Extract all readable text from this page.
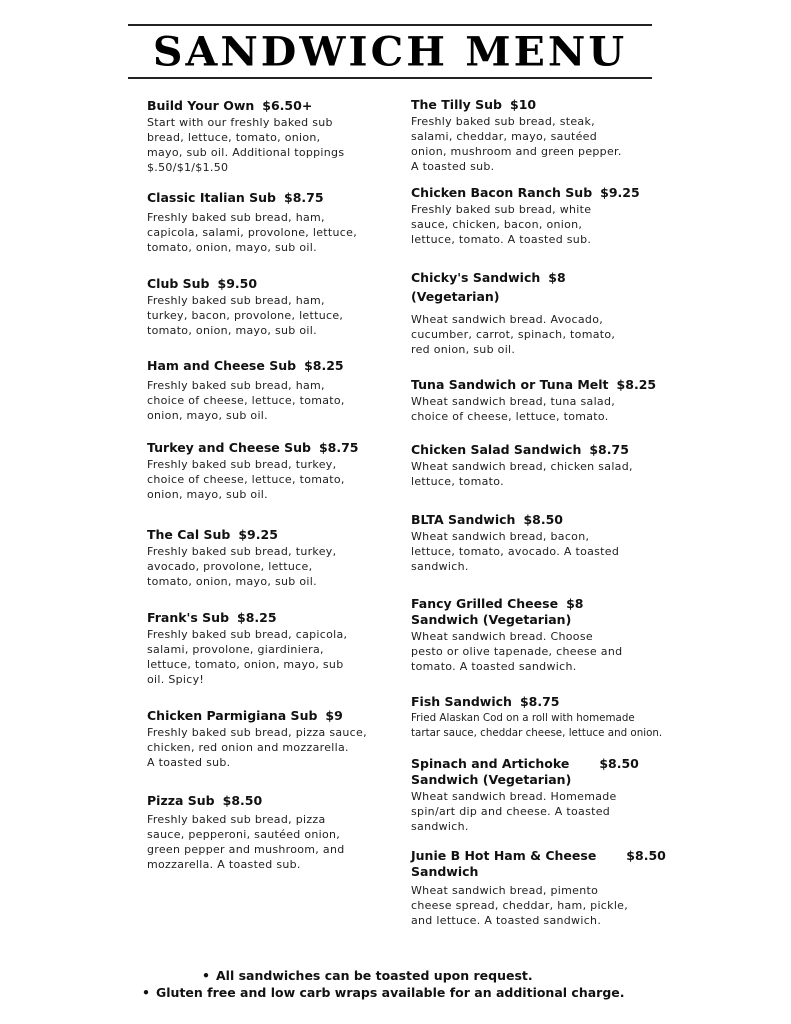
SANDWICH MENU
Build Your Own $6.50+
Start with our freshly baked sub
bread, lettuce, tomato, onion,
mayo, sub oil. Additional toppings
$.50/$1/$1.50
Classic Italian Sub $8.75
Freshly baked sub bread, ham,
capicola, salami, provolone, lettuce,
tomato, onion, mayo, sub oil.
Club Sub $9.50
Freshly baked sub bread, ham,
turkey, bacon, provolone, lettuce,
tomato, onion, mayo, sub oil.
Ham and Cheese Sub $8.25
Freshly baked sub bread, ham,
choice of cheese, lettuce, tomato,
onion, mayo, sub oil.
Turkey and Cheese Sub $8.75
Freshly baked sub bread, turkey,
choice of cheese, lettuce, tomato,
onion, mayo, sub oil.
The Cal Sub $9.25
Freshly baked sub bread, turkey,
avocado, provolone, lettuce,
tomato, onion, mayo, sub oil.
Frank's Sub $8.25
Freshly baked sub bread, capicola,
salami, provolone, giardiniera,
lettuce, tomato, onion, mayo, sub
oil. Spicy!
Chicken Parmigiana Sub $9
Freshly baked sub bread, pizza sauce,
chicken, red onion and mozzarella.
A toasted sub.
Pizza Sub $8.50
Freshly baked sub bread, pizza
sauce, pepperoni, sautéed onion,
green pepper and mushroom, and
mozzarella. A toasted sub.
The Tilly Sub $10
Freshly baked sub bread, steak,
salami, cheddar, mayo, sautéed
onion, mushroom and green pepper.
A toasted sub.
Chicken Bacon Ranch Sub $9.25
Freshly baked sub bread, white
sauce, chicken, bacon, onion,
lettuce, tomato. A toasted sub.
Chicky's Sandwich $8
(Vegetarian)
Wheat sandwich bread. Avocado,
cucumber, carrot, spinach, tomato,
red onion, sub oil.
Tuna Sandwich or Tuna Melt $8.25
Wheat sandwich bread, tuna salad,
choice of cheese, lettuce, tomato.
Chicken Salad Sandwich $8.75
Wheat sandwich bread, chicken salad,
lettuce, tomato.
BLTA Sandwich $8.50
Wheat sandwich bread, bacon,
lettuce, tomato, avocado. A toasted
sandwich.
Fancy Grilled Cheese $8
Sandwich (Vegetarian)
Wheat sandwich bread. Choose
pesto or olive tapenade, cheese and
tomato. A toasted sandwich.
Fish Sandwich $8.75
Fried Alaskan Cod on a roll with homemade
tartar sauce, cheddar cheese, lettuce and onion.
Spinach and Artichoke $8.50
Sandwich (Vegetarian)
Wheat sandwich bread. Homemade
spin/art dip and cheese. A toasted
sandwich.
Junie B Hot Ham & Cheese $8.50
Sandwich
Wheat sandwich bread, pimento
cheese spread, cheddar, ham, pickle,
and lettuce. A toasted sandwich.
• All sandwiches can be toasted upon request.
• Gluten free and low carb wraps available for an additional charge.
